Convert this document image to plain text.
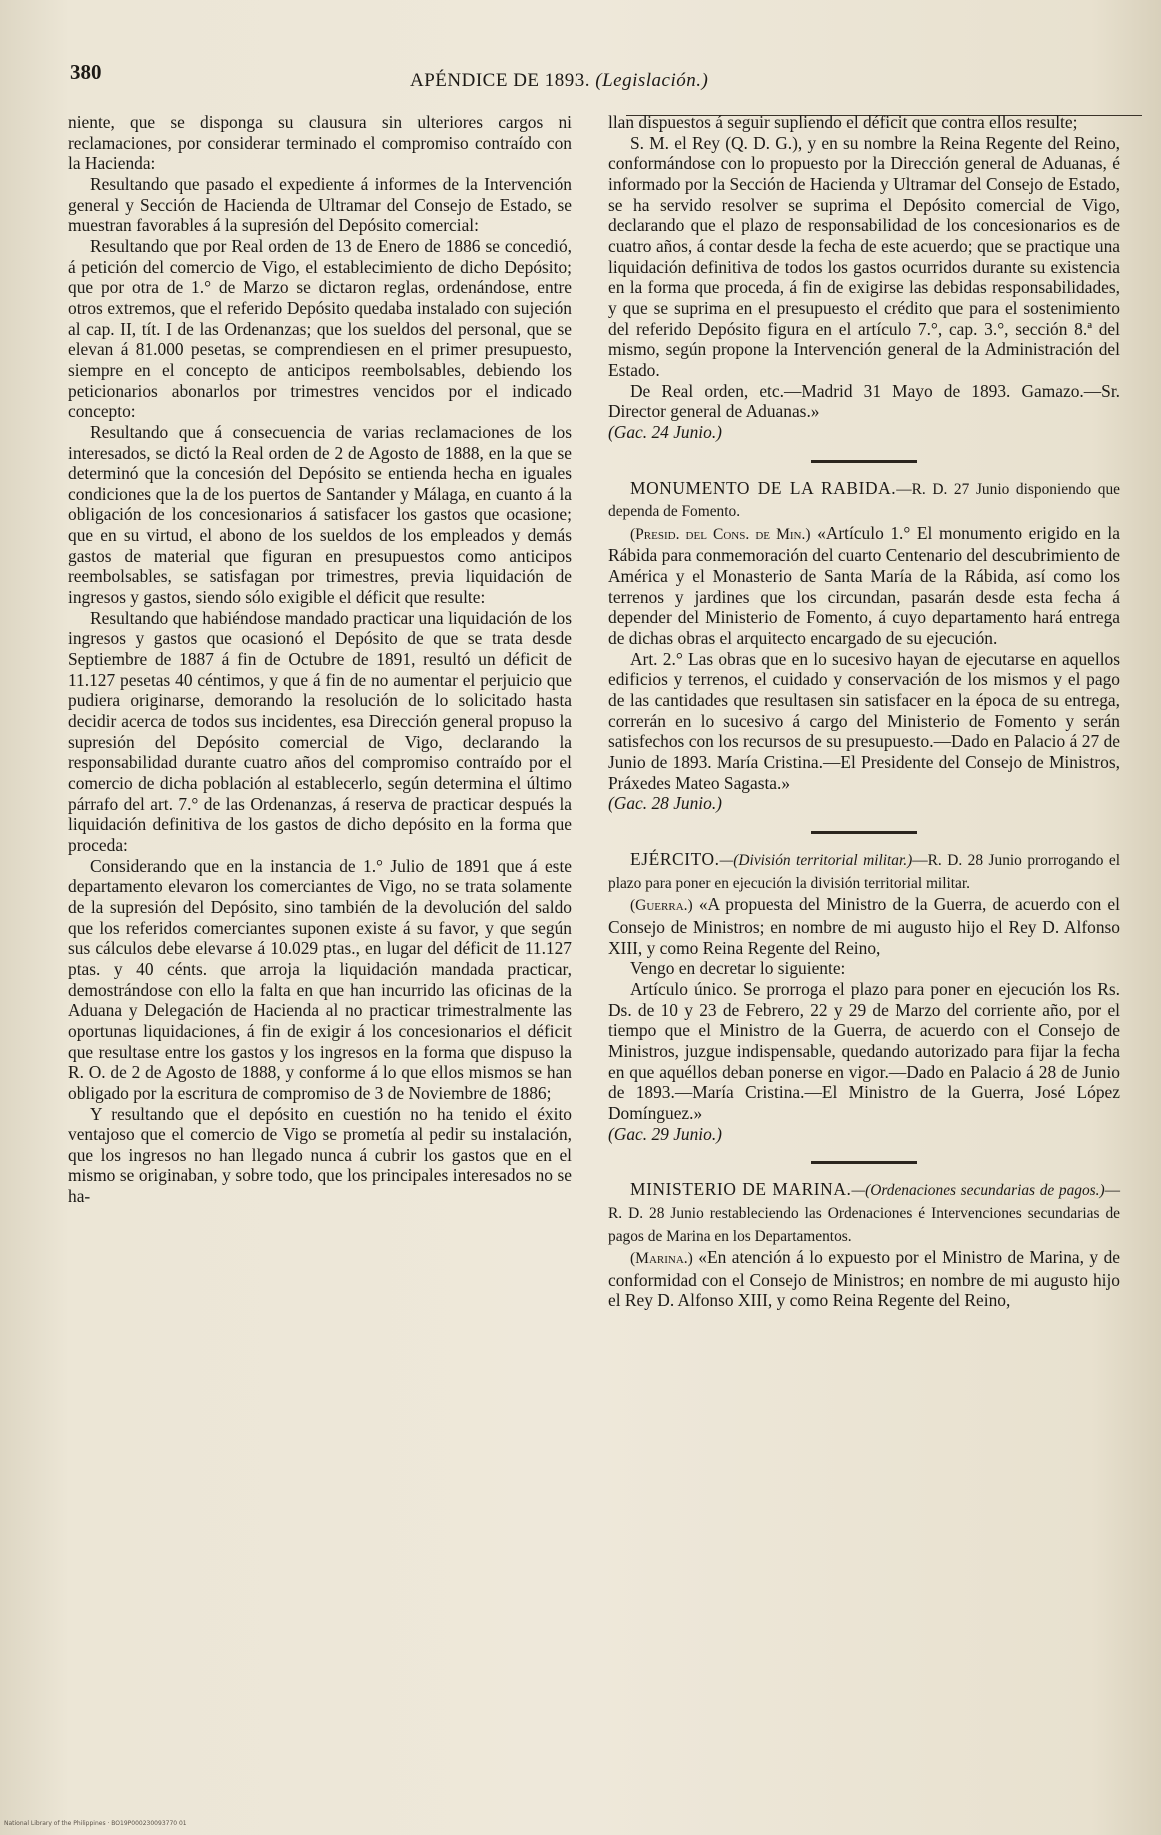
380	APÉNDICE DE 1893. (Legislación.)

niente, que se disponga su clausura sin ulteriores cargos ni reclamaciones, por considerar terminado el compromiso contraído con la Hacienda:

Resultando que pasado el expediente á informes de la Intervención general y Sección de Hacienda de Ultramar del Consejo de Estado, se muestran favorables á la supresión del Depósito comercial:

Resultando que por Real orden de 13 de Enero de 1886 se concedió, á petición del comercio de Vigo, el establecimiento de dicho Depósito; que por otra de 1.° de Marzo se dictaron reglas, ordenándose, entre otros extremos, que el referido Depósito quedaba instalado con sujeción al cap. II, tít. I de las Ordenanzas; que los sueldos del personal, que se elevan á 81.000 pesetas, se comprendiesen en el primer presupuesto, siempre en el concepto de anticipos reembolsables, debiendo los peticionarios abonarlos por trimestres vencidos por el indicado concepto:

Resultando que á consecuencia de varias reclamaciones de los interesados, se dictó la Real orden de 2 de Agosto de 1888, en la que se determinó que la concesión del Depósito se entienda hecha en iguales condiciones que la de los puertos de Santander y Málaga, en cuanto á la obligación de los concesionarios á satisfacer los gastos que ocasione; que en su virtud, el abono de los sueldos de los empleados y demás gastos de material que figuran en presupuestos como anticipos reembolsables, se satisfagan por trimestres, previa liquidación de ingresos y gastos, siendo sólo exigible el déficit que resulte:

Resultando que habiéndose mandado practicar una liquidación de los ingresos y gastos que ocasionó el Depósito de que se trata desde Septiembre de 1887 á fin de Octubre de 1891, resultó un déficit de 11.127 pesetas 40 céntimos, y que á fin de no aumentar el perjuicio que pudiera originarse, demorando la resolución de lo solicitado hasta decidir acerca de todos sus incidentes, esa Dirección general propuso la supresión del Depósito comercial de Vigo, declarando la responsabilidad durante cuatro años del compromiso contraído por el comercio de dicha población al establecerlo, según determina el último párrafo del art. 7.° de las Ordenanzas, á reserva de practicar después la liquidación definitiva de los gastos de dicho depósito en la forma que proceda:

Considerando que en la instancia de 1.° Julio de 1891 que á este departamento elevaron los comerciantes de Vigo, no se trata solamente de la supresión del Depósito, sino también de la devolución del saldo que los referidos comerciantes suponen existe á su favor, y que según sus cálculos debe elevarse á 10.029 ptas., en lugar del déficit de 11.127 ptas. y 40 cénts. que arroja la liquidación mandada practicar, demostrándose con ello la falta en que han incurrido las oficinas de la Aduana y Delegación de Hacienda al no practicar trimestralmente las oportunas liquidaciones, á fin de exigir á los concesionarios el déficit que resultase entre los gastos y los ingresos en la forma que dispuso la R. O. de 2 de Agosto de 1888, y conforme á lo que ellos mismos se han obligado por la escritura de compromiso de 3 de Noviembre de 1886;

Y resultando que el depósito en cuestión no ha tenido el éxito ventajoso que el comercio de Vigo se prometía al pedir su instalación, que los ingresos no han llegado nunca á cubrir los gastos que en el mismo se originaban, y sobre todo, que los principales interesados no se ha-

llan dispuestos á seguir supliendo el déficit que contra ellos resulte;

S. M. el Rey (Q. D. G.), y en su nombre la Reina Regente del Reino, conformándose con lo propuesto por la Dirección general de Aduanas, é informado por la Sección de Hacienda y Ultramar del Consejo de Estado, se ha servido resolver se suprima el Depósito comercial de Vigo, declarando que el plazo de responsabilidad de los concesionarios es de cuatro años, á contar desde la fecha de este acuerdo; que se practique una liquidación definitiva de todos los gastos ocurridos durante su existencia en la forma que proceda, á fin de exigirse las debidas responsabilidades, y que se suprima en el presupuesto el crédito que para el sostenimiento del referido Depósito figura en el artículo 7.°, cap. 3.°, sección 8.ª del mismo, según propone la Intervención general de la Administración del Estado.

De Real orden, etc.—Madrid 31 Mayo de 1893. Gamazo.—Sr. Director general de Aduanas.»

(Gac. 24 Junio.)

MONUMENTO DE LA RABIDA.—R. D. 27 Junio disponiendo que dependa de Fomento.

(Presid. del Cons. de Min.) «Artículo 1.° El monumento erigido en la Rábida para conmemoración del cuarto Centenario del descubrimiento de América y el Monasterio de Santa María de la Rábida, así como los terrenos y jardines que los circundan, pasarán desde esta fecha á depender del Ministerio de Fomento, á cuyo departamento hará entrega de dichas obras el arquitecto encargado de su ejecución.

Art. 2.° Las obras que en lo sucesivo hayan de ejecutarse en aquellos edificios y terrenos, el cuidado y conservación de los mismos y el pago de las cantidades que resultasen sin satisfacer en la época de su entrega, correrán en lo sucesivo á cargo del Ministerio de Fomento y serán satisfechos con los recursos de su presupuesto.—Dado en Palacio á 27 de Junio de 1893. María Cristina.—El Presidente del Consejo de Ministros, Práxedes Mateo Sagasta.»

(Gac. 28 Junio.)

EJÉRCITO.—(División territorial militar.)—R. D. 28 Junio prorrogando el plazo para poner en ejecución la división territorial militar.

(Guerra.) «A propuesta del Ministro de la Guerra, de acuerdo con el Consejo de Ministros; en nombre de mi augusto hijo el Rey D. Alfonso XIII, y como Reina Regente del Reino,

Vengo en decretar lo siguiente:

Artículo único. Se prorroga el plazo para poner en ejecución los Rs. Ds. de 10 y 23 de Febrero, 22 y 29 de Marzo del corriente año, por el tiempo que el Ministro de la Guerra, de acuerdo con el Consejo de Ministros, juzgue indispensable, quedando autorizado para fijar la fecha en que aquéllos deban ponerse en vigor.—Dado en Palacio á 28 de Junio de 1893.—María Cristina.—El Ministro de la Guerra, José López Domínguez.»

(Gac. 29 Junio.)

MINISTERIO DE MARINA.—(Ordenaciones secundarias de pagos.)—R. D. 28 Junio restableciendo las Ordenaciones é Intervenciones secundarias de pagos de Marina en los Departamentos.

(Marina.) «En atención á lo expuesto por el Ministro de Marina, y de conformidad con el Consejo de Ministros; en nombre de mi augusto hijo el Rey D. Alfonso XIII, y como Reina Regente del Reino,

National Library of the Philippines · BO19P000230093770 01
